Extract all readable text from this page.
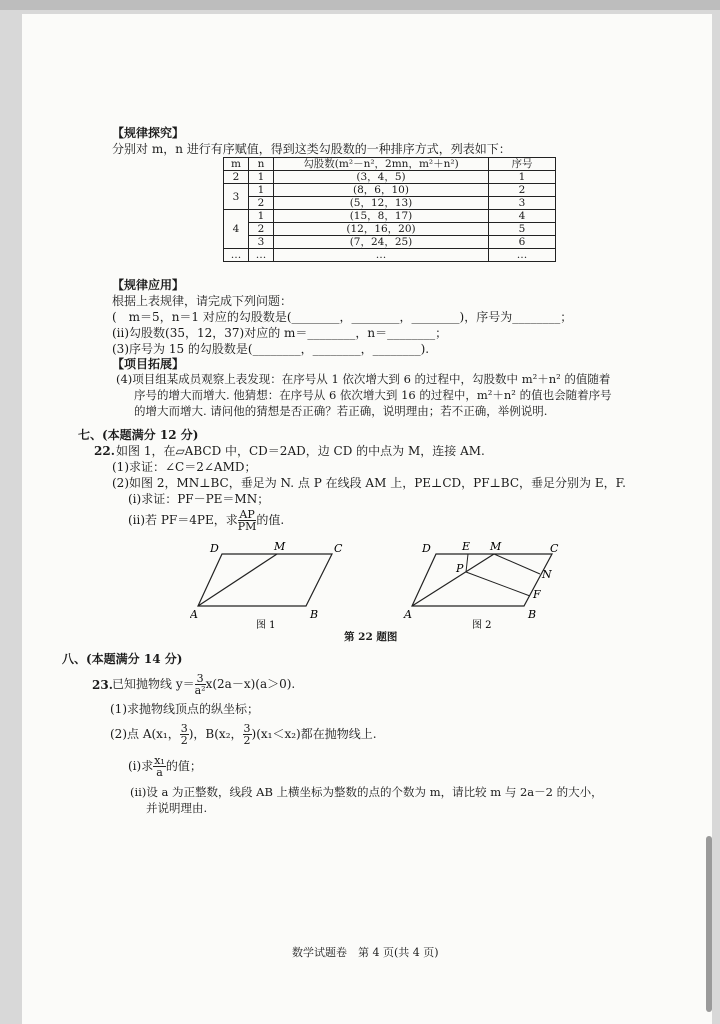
【规律探究】
分别对 m，n 进行有序赋值，得到这类勾股数的一种排序方式，列表如下：
m	n	勾股数(m²－n²，2mn，m²＋n²)	序号
2	1	(3，4，5)	1
3	1	(8，6，10)	2
	2	(5，12，13)	3
4	1	(15，8，17)	4
	2	(12，16，20)	5
	3	(7，24，25)	6
…	…	…	…
【规律应用】
根据上表规律，请完成下列问题：
(　m＝5，n＝1 对应的勾股数是(________，________，________)，序号为________；
(ⅱ)勾股数(35，12，37)对应的 m＝________，n＝________；
(3)序号为 15 的勾股数是(________，________，________).
【项目拓展】
(4)项目组某成员观察上表发现：在序号从 1 依次增大到 6 的过程中，勾股数中 m²＋n² 的值随着
序号的增大而增大. 他猜想：在序号从 6 依次增大到 16 的过程中，m²＋n² 的值也会随着序号
的增大而增大. 请问他的猜想是否正确？若正确，说明理由；若不正确，举例说明.
七、(本题满分 12 分)
22. 如图 1，在▱ABCD 中，CD＝2AD，边 CD 的中点为 M，连接 AM.
(1)求证：∠C＝2∠AMD；
(2)如图 2，MN⊥BC，垂足为 N. 点 P 在线段 AM 上，PE⊥CD，PF⊥BC，垂足分别为 E，F.
(ⅰ)求证：PF－PE＝MN；
(ⅱ)若 PF＝4PE，求 $\frac{AP}{PM}$ 的值.
D	M	C
A	B
图 1
D	E M	C
P	N
F
A	B
图 2
第 22 题图
八、(本题满分 14 分)
23. 已知抛物线 $y= \frac{3}{\text{a²}} x(2a-x)(a>0)$.
(1)求抛物线顶点的纵坐标；
(2)点 A(x₁， $\frac{3}{2}$ )，B(x₂， $\frac{3}{2} )(x_1<x_2)$都在抛物线上.
(ⅰ)求 $\frac{\text{x₁}}{a}$ 的值；
(ⅱ)设 a 为正整数，线段 AB 上横坐标为整数的点的个数为 m，请比较 m 与 2a－2 的大小，
并说明理由.
数学试题卷　第 4 页(共 4 页)
